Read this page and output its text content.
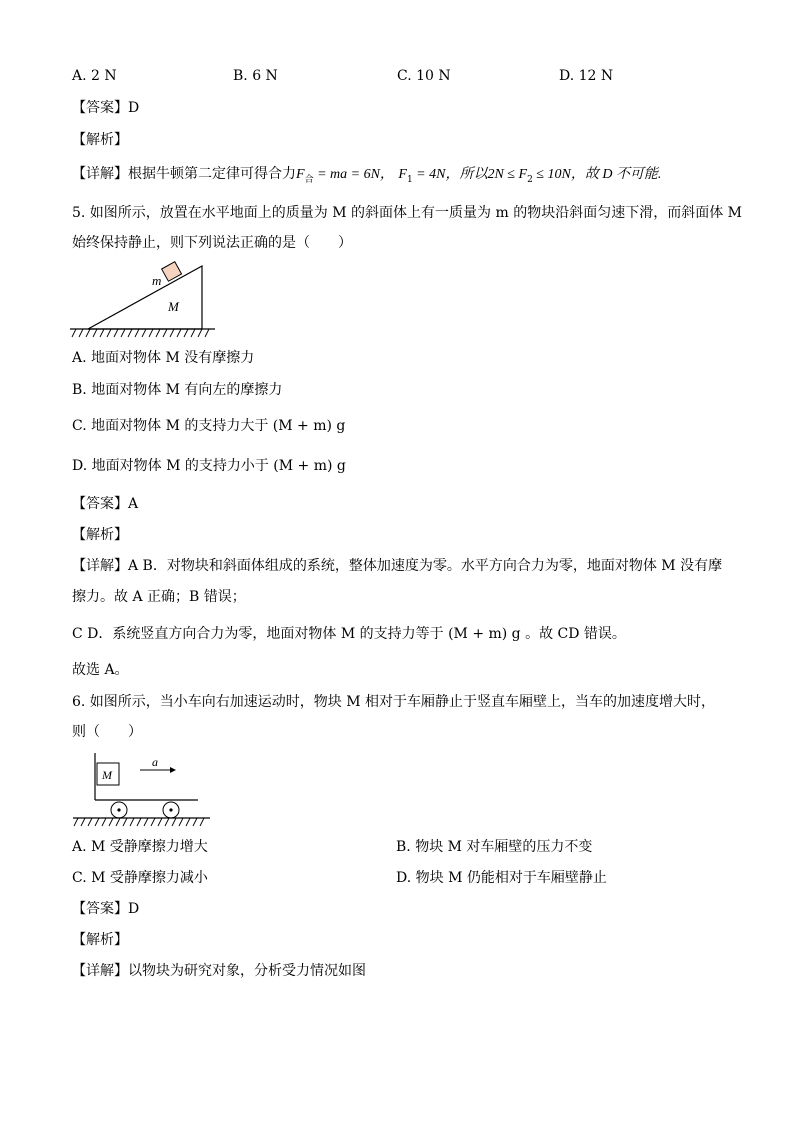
A. 2 N	B. 6 N	C. 10 N	D. 12 N
【答案】D
【解析】
【详解】根据牛顿第二定律可得合力$F_合$ = ma = 6N， $F_1 = 4N$，所以$2N \le F_2 \le 10N$，故 D 不可能.
5. 如图所示，放置在水平地面上的质量为 M 的斜面体上有一质量为 m 的物块沿斜面匀速下滑，而斜面体 M
始终保持静止，则下列说法正确的是（　　）
m
M
A. 地面对物体 M 没有摩擦力
B. 地面对物体 M 有向左的摩擦力
C. 地面对物体 M 的支持力大于 (M + m) g
D. 地面对物体 M 的支持力小于 (M + m) g
【答案】A
【解析】
【详解】A B．对物块和斜面体组成的系统，整体加速度为零。水平方向合力为零，地面对物体 M 没有摩
擦力。故 A 正确；B 错误；
C D．系统竖直方向合力为零，地面对物体 M 的支持力等于 (M + m) g 。故 CD 错误。
故选 A。
6. 如图所示，当小车向右加速运动时，物块 M 相对于车厢静止于竖直车厢壁上，当车的加速度增大时，
则（　　）
M
a
A. M 受静摩擦力增大	B. 物块 M 对车厢壁的压力不变
C. M 受静摩擦力减小	D. 物块 M 仍能相对于车厢壁静止
【答案】D
【解析】
【详解】以物块为研究对象，分析受力情况如图
